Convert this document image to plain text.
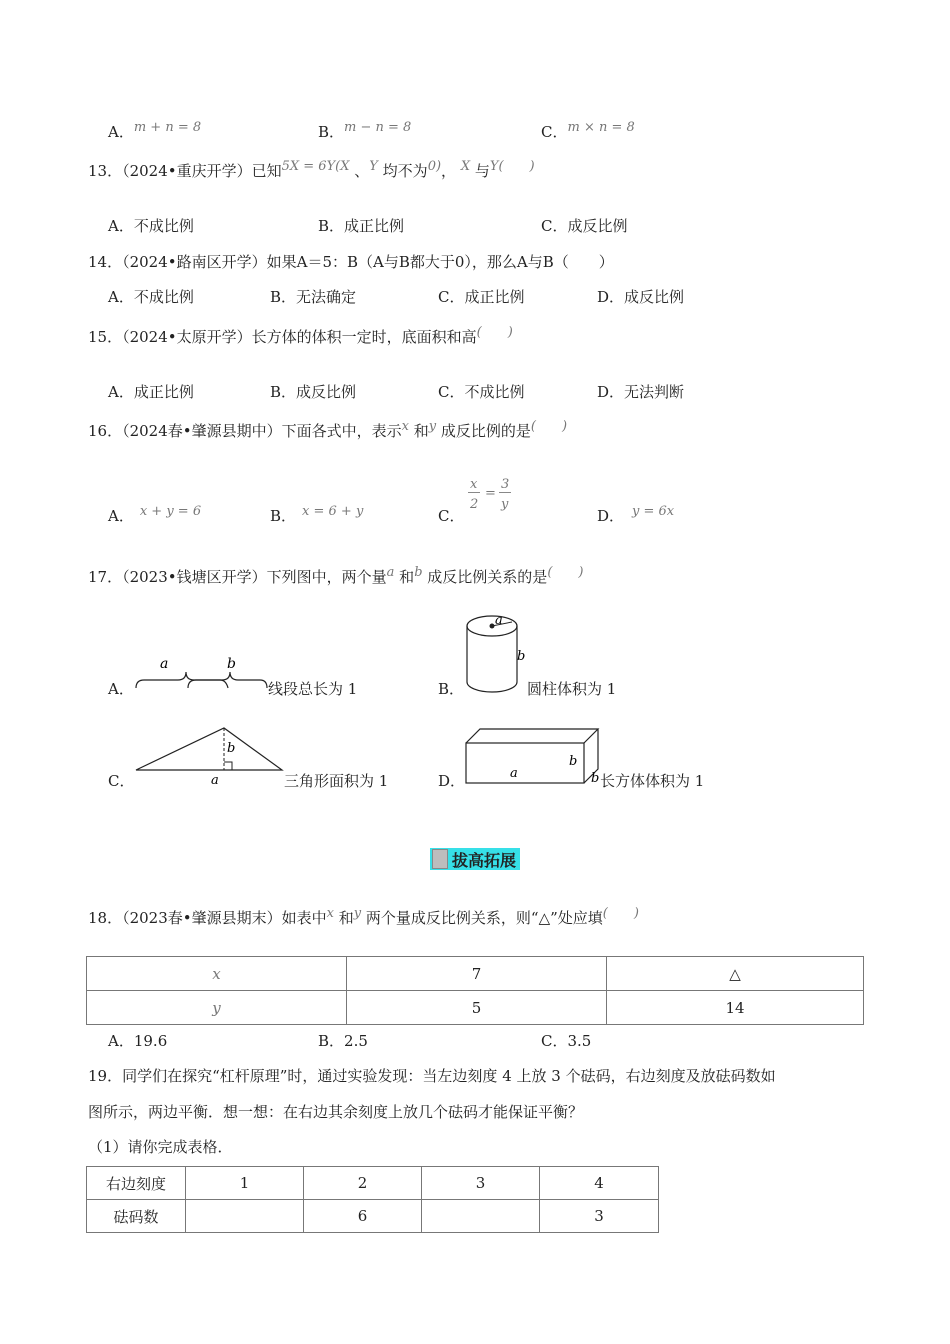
A．m + n = 8	B．m − n = 8	C．m × n = 8
13．（2024•重庆开学）已知5X = 6Y(X 、Y 均不为0)， X 与Y( )
A．不成比例	B．成正比例	C．成反比例
14．（2024•路南区开学）如果A＝5：B（A与B都大于0），那么A与B（　　）
A．不成比例	B．无法确定	C．成正比例	D．成反比例
15．（2024•太原开学）长方体的体积一定时，底面积和高(　　)
A．成正比例	B．成反比例	C．不成比例	D．无法判断
16．（2024春•肇源县期中）下面各式中，表示x 和y 成反比例的是(　　)
A． x + y = 6	B． x = 6 + y	C．
x
2
=
3
y
D． y = 6x
17．（2023•钱塘区开学）下列图中，两个量a 和b 成反比例关系的是(　　)
A．
a	b
线段总长为 1	B．
a
b
圆柱体积为 1
C．
b
a	三角形面积为 1	D．	a
b
b 长方体体积为 1
拔高拓展
18．（2023春•肇源县期末）如表中x 和y 两个量成反比例关系，则“△”处应填(　　)
x	7	△
y	5	14
A．19.6	B．2.5	C．3.5
19．同学们在探究“杠杆原理”时，通过实验发现：当左边刻度 4 上放 3 个砝码，右边刻度及放砝码数如
图所示，两边平衡．想一想：在右边其余刻度上放几个砝码才能保证平衡？
（1）请你完成表格．
右边刻度	1	2	3	4
砝码数		6		3
